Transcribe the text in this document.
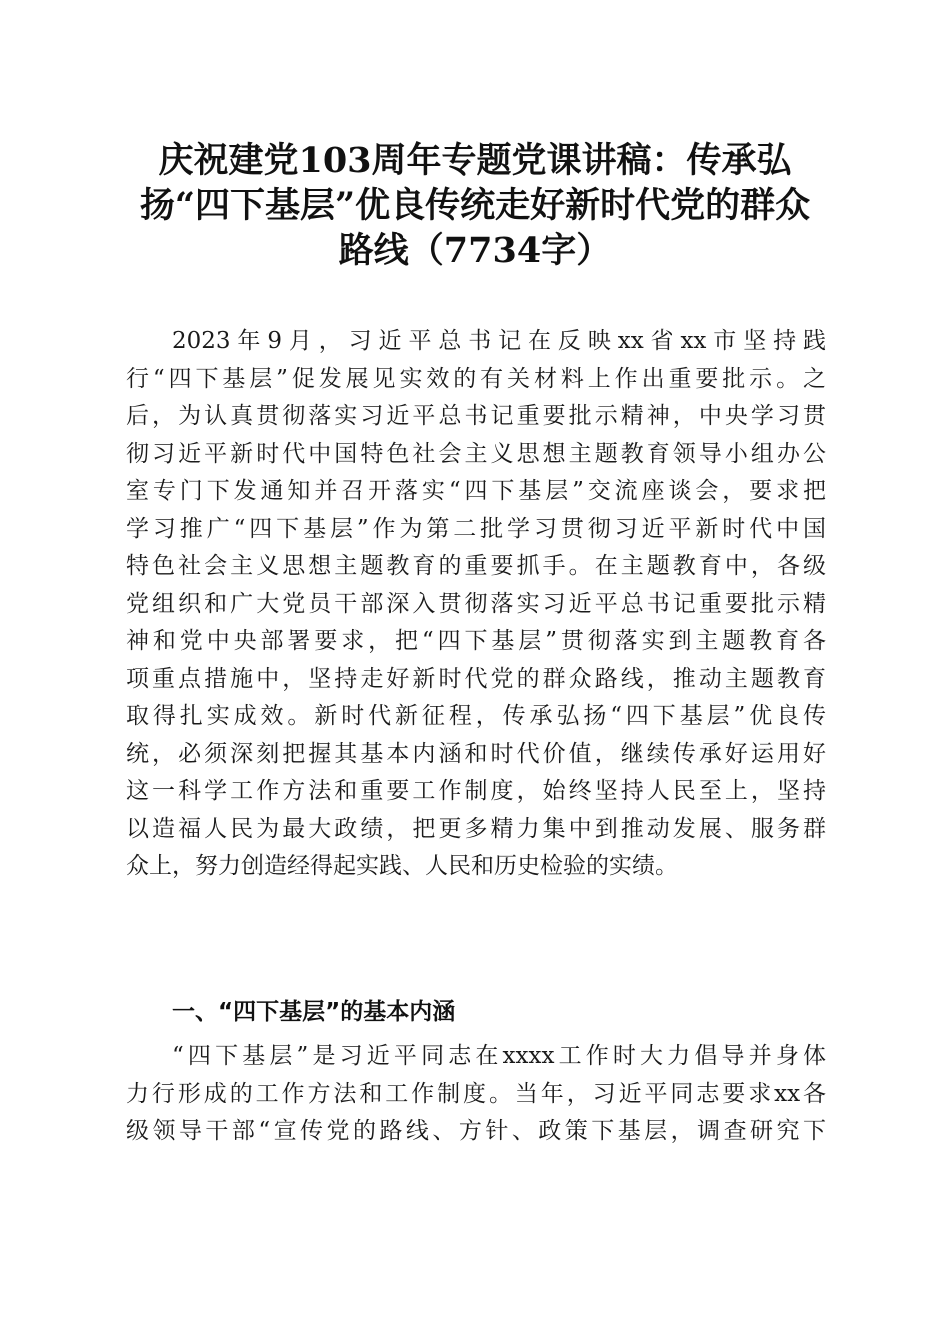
庆祝建党103周年专题党课讲稿：传承弘
扬“四下基层”优良传统走好新时代党的群众
路线（7734字）

2023年9月，习近平总书记在反映xx省xx市坚持践
行“四下基层”促发展见实效的有关材料上作出重要批示。之
后，为认真贯彻落实习近平总书记重要批示精神，中央学习贯
彻习近平新时代中国特色社会主义思想主题教育领导小组办公
室专门下发通知并召开落实“四下基层”交流座谈会，要求把
学习推广“四下基层”作为第二批学习贯彻习近平新时代中国
特色社会主义思想主题教育的重要抓手。在主题教育中，各级
党组织和广大党员干部深入贯彻落实习近平总书记重要批示精
神和党中央部署要求，把“四下基层”贯彻落实到主题教育各
项重点措施中，坚持走好新时代党的群众路线，推动主题教育
取得扎实成效。新时代新征程，传承弘扬“四下基层”优良传
统，必须深刻把握其基本内涵和时代价值，继续传承好运用好
这一科学工作方法和重要工作制度，始终坚持人民至上，坚持
以造福人民为最大政绩，把更多精力集中到推动发展、服务群
众上，努力创造经得起实践、人民和历史检验的实绩。

一、“四下基层”的基本内涵

“四下基层”是习近平同志在xxxx工作时大力倡导并身体
力行形成的工作方法和工作制度。当年，习近平同志要求xx各
级领导干部“宣传党的路线、方针、政策下基层，调查研究下
